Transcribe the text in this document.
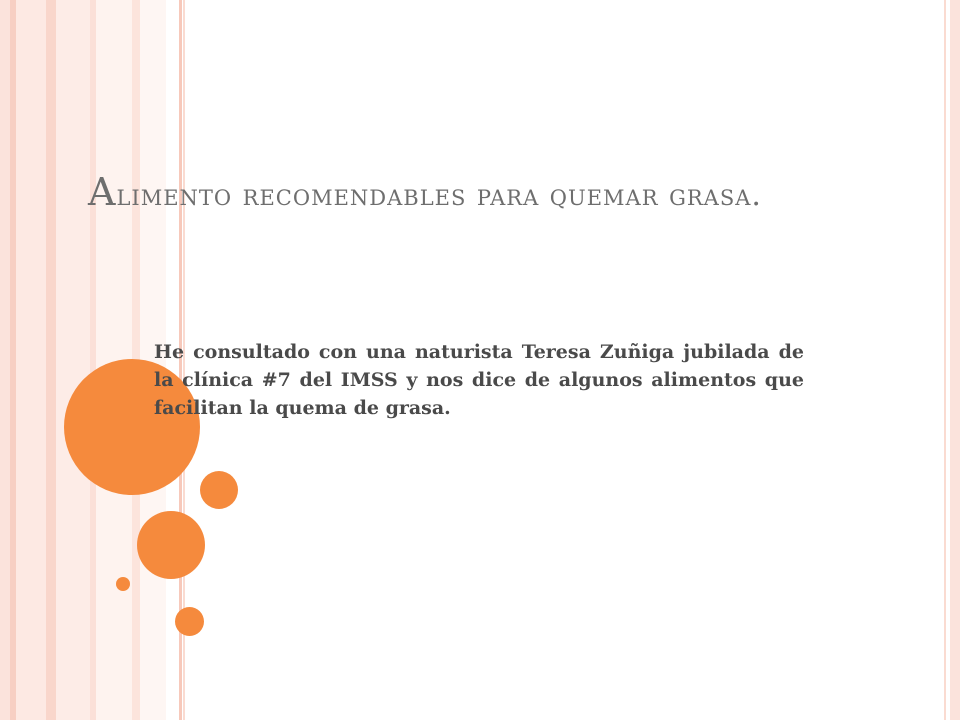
Alimento recomendables para quemar grasa.

He consultado con una naturista Teresa Zuñiga jubilada de la clínica #7 del IMSS y nos dice de algunos alimentos que facilitan la quema de grasa.
